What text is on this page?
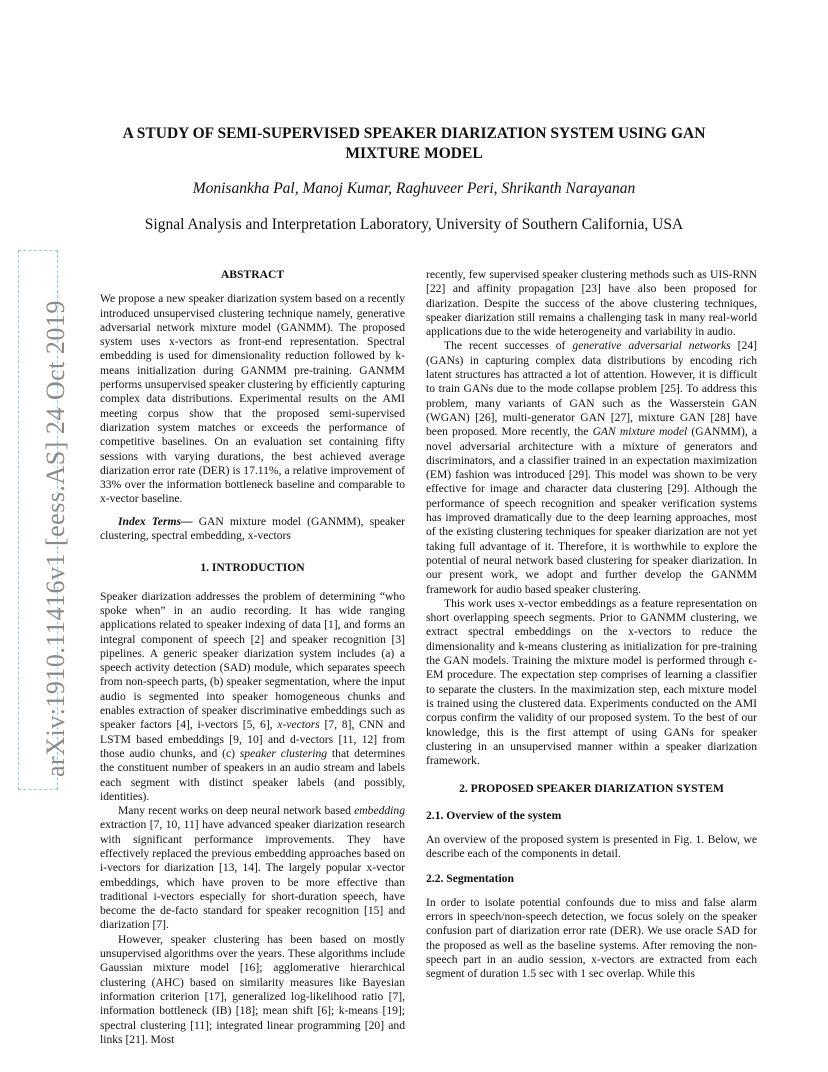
arXiv:1910.11416v1 [eess.AS] 24 Oct 2019
A STUDY OF SEMI-SUPERVISED SPEAKER DIARIZATION SYSTEM USING GAN MIXTURE MODEL
Monisankha Pal, Manoj Kumar, Raghuveer Peri, Shrikanth Narayanan
Signal Analysis and Interpretation Laboratory, University of Southern California, USA

ABSTRACT

We propose a new speaker diarization system based on a recently introduced unsupervised clustering technique namely, generative adversarial network mixture model (GANMM). The proposed system uses x-vectors as front-end representation. Spectral embedding is used for dimensionality reduction followed by k-means initialization during GANMM pre-training. GANMM performs unsupervised speaker clustering by efficiently capturing complex data distributions. Experimental results on the AMI meeting corpus show that the proposed semi-supervised diarization system matches or exceeds the performance of competitive baselines. On an evaluation set containing fifty sessions with varying durations, the best achieved average diarization error rate (DER) is 17.11%, a relative improvement of 33% over the information bottleneck baseline and comparable to x-vector baseline.

Index Terms— GAN mixture model (GANMM), speaker clustering, spectral embedding, x-vectors

1. INTRODUCTION

Speaker diarization addresses the problem of determining “who spoke when” in an audio recording. It has wide ranging applications related to speaker indexing of data [1], and forms an integral component of speech [2] and speaker recognition [3] pipelines. A generic speaker diarization system includes (a) a speech activity detection (SAD) module, which separates speech from non-speech parts, (b) speaker segmentation, where the input audio is segmented into speaker homogeneous chunks and enables extraction of speaker discriminative embeddings such as speaker factors [4], i-vectors [5, 6], x-vectors [7, 8], CNN and LSTM based embeddings [9, 10] and d-vectors [11, 12] from those audio chunks, and (c) speaker clustering that determines the constituent number of speakers in an audio stream and labels each segment with distinct speaker labels (and possibly, identities).

Many recent works on deep neural network based embedding extraction [7, 10, 11] have advanced speaker diarization research with significant performance improvements. They have effectively replaced the previous embedding approaches based on i-vectors for diarization [13, 14]. The largely popular x-vector embeddings, which have proven to be more effective than traditional i-vectors especially for short-duration speech, have become the de-facto standard for speaker recognition [15] and diarization [7].

However, speaker clustering has been based on mostly unsupervised algorithms over the years. These algorithms include Gaussian mixture model [16]; agglomerative hierarchical clustering (AHC) based on similarity measures like Bayesian information criterion [17], generalized log-likelihood ratio [7], information bottleneck (IB) [18]; mean shift [6]; k-means [19]; spectral clustering [11]; integrated linear programming [20] and links [21]. Most

recently, few supervised speaker clustering methods such as UIS-RNN [22] and affinity propagation [23] have also been proposed for diarization. Despite the success of the above clustering techniques, speaker diarization still remains a challenging task in many real-world applications due to the wide heterogeneity and variability in audio.

The recent successes of generative adversarial networks [24] (GANs) in capturing complex data distributions by encoding rich latent structures has attracted a lot of attention. However, it is difficult to train GANs due to the mode collapse problem [25]. To address this problem, many variants of GAN such as the Wasserstein GAN (WGAN) [26], multi-generator GAN [27], mixture GAN [28] have been proposed. More recently, the GAN mixture model (GANMM), a novel adversarial architecture with a mixture of generators and discriminators, and a classifier trained in an expectation maximization (EM) fashion was introduced [29]. This model was shown to be very effective for image and character data clustering [29]. Although the performance of speech recognition and speaker verification systems has improved dramatically due to the deep learning approaches, most of the existing clustering techniques for speaker diarization are not yet taking full advantage of it. Therefore, it is worthwhile to explore the potential of neural network based clustering for speaker diarization. In our present work, we adopt and further develop the GANMM framework for audio based speaker clustering.

This work uses x-vector embeddings as a feature representation on short overlapping speech segments. Prior to GANMM clustering, we extract spectral embeddings on the x-vectors to reduce the dimensionality and k-means clustering as initialization for pre-training the GAN models. Training the mixture model is performed through ϵ-EM procedure. The expectation step comprises of learning a classifier to separate the clusters. In the maximization step, each mixture model is trained using the clustered data. Experiments conducted on the AMI corpus confirm the validity of our proposed system. To the best of our knowledge, this is the first attempt of using GANs for speaker clustering in an unsupervised manner within a speaker diarization framework.

2. PROPOSED SPEAKER DIARIZATION SYSTEM

2.1. Overview of the system

An overview of the proposed system is presented in Fig. 1. Below, we describe each of the components in detail.

2.2. Segmentation

In order to isolate potential confounds due to miss and false alarm errors in speech/non-speech detection, we focus solely on the speaker confusion part of diarization error rate (DER). We use oracle SAD for the proposed as well as the baseline systems. After removing the non-speech part in an audio session, x-vectors are extracted from each segment of duration 1.5 sec with 1 sec overlap. While this
